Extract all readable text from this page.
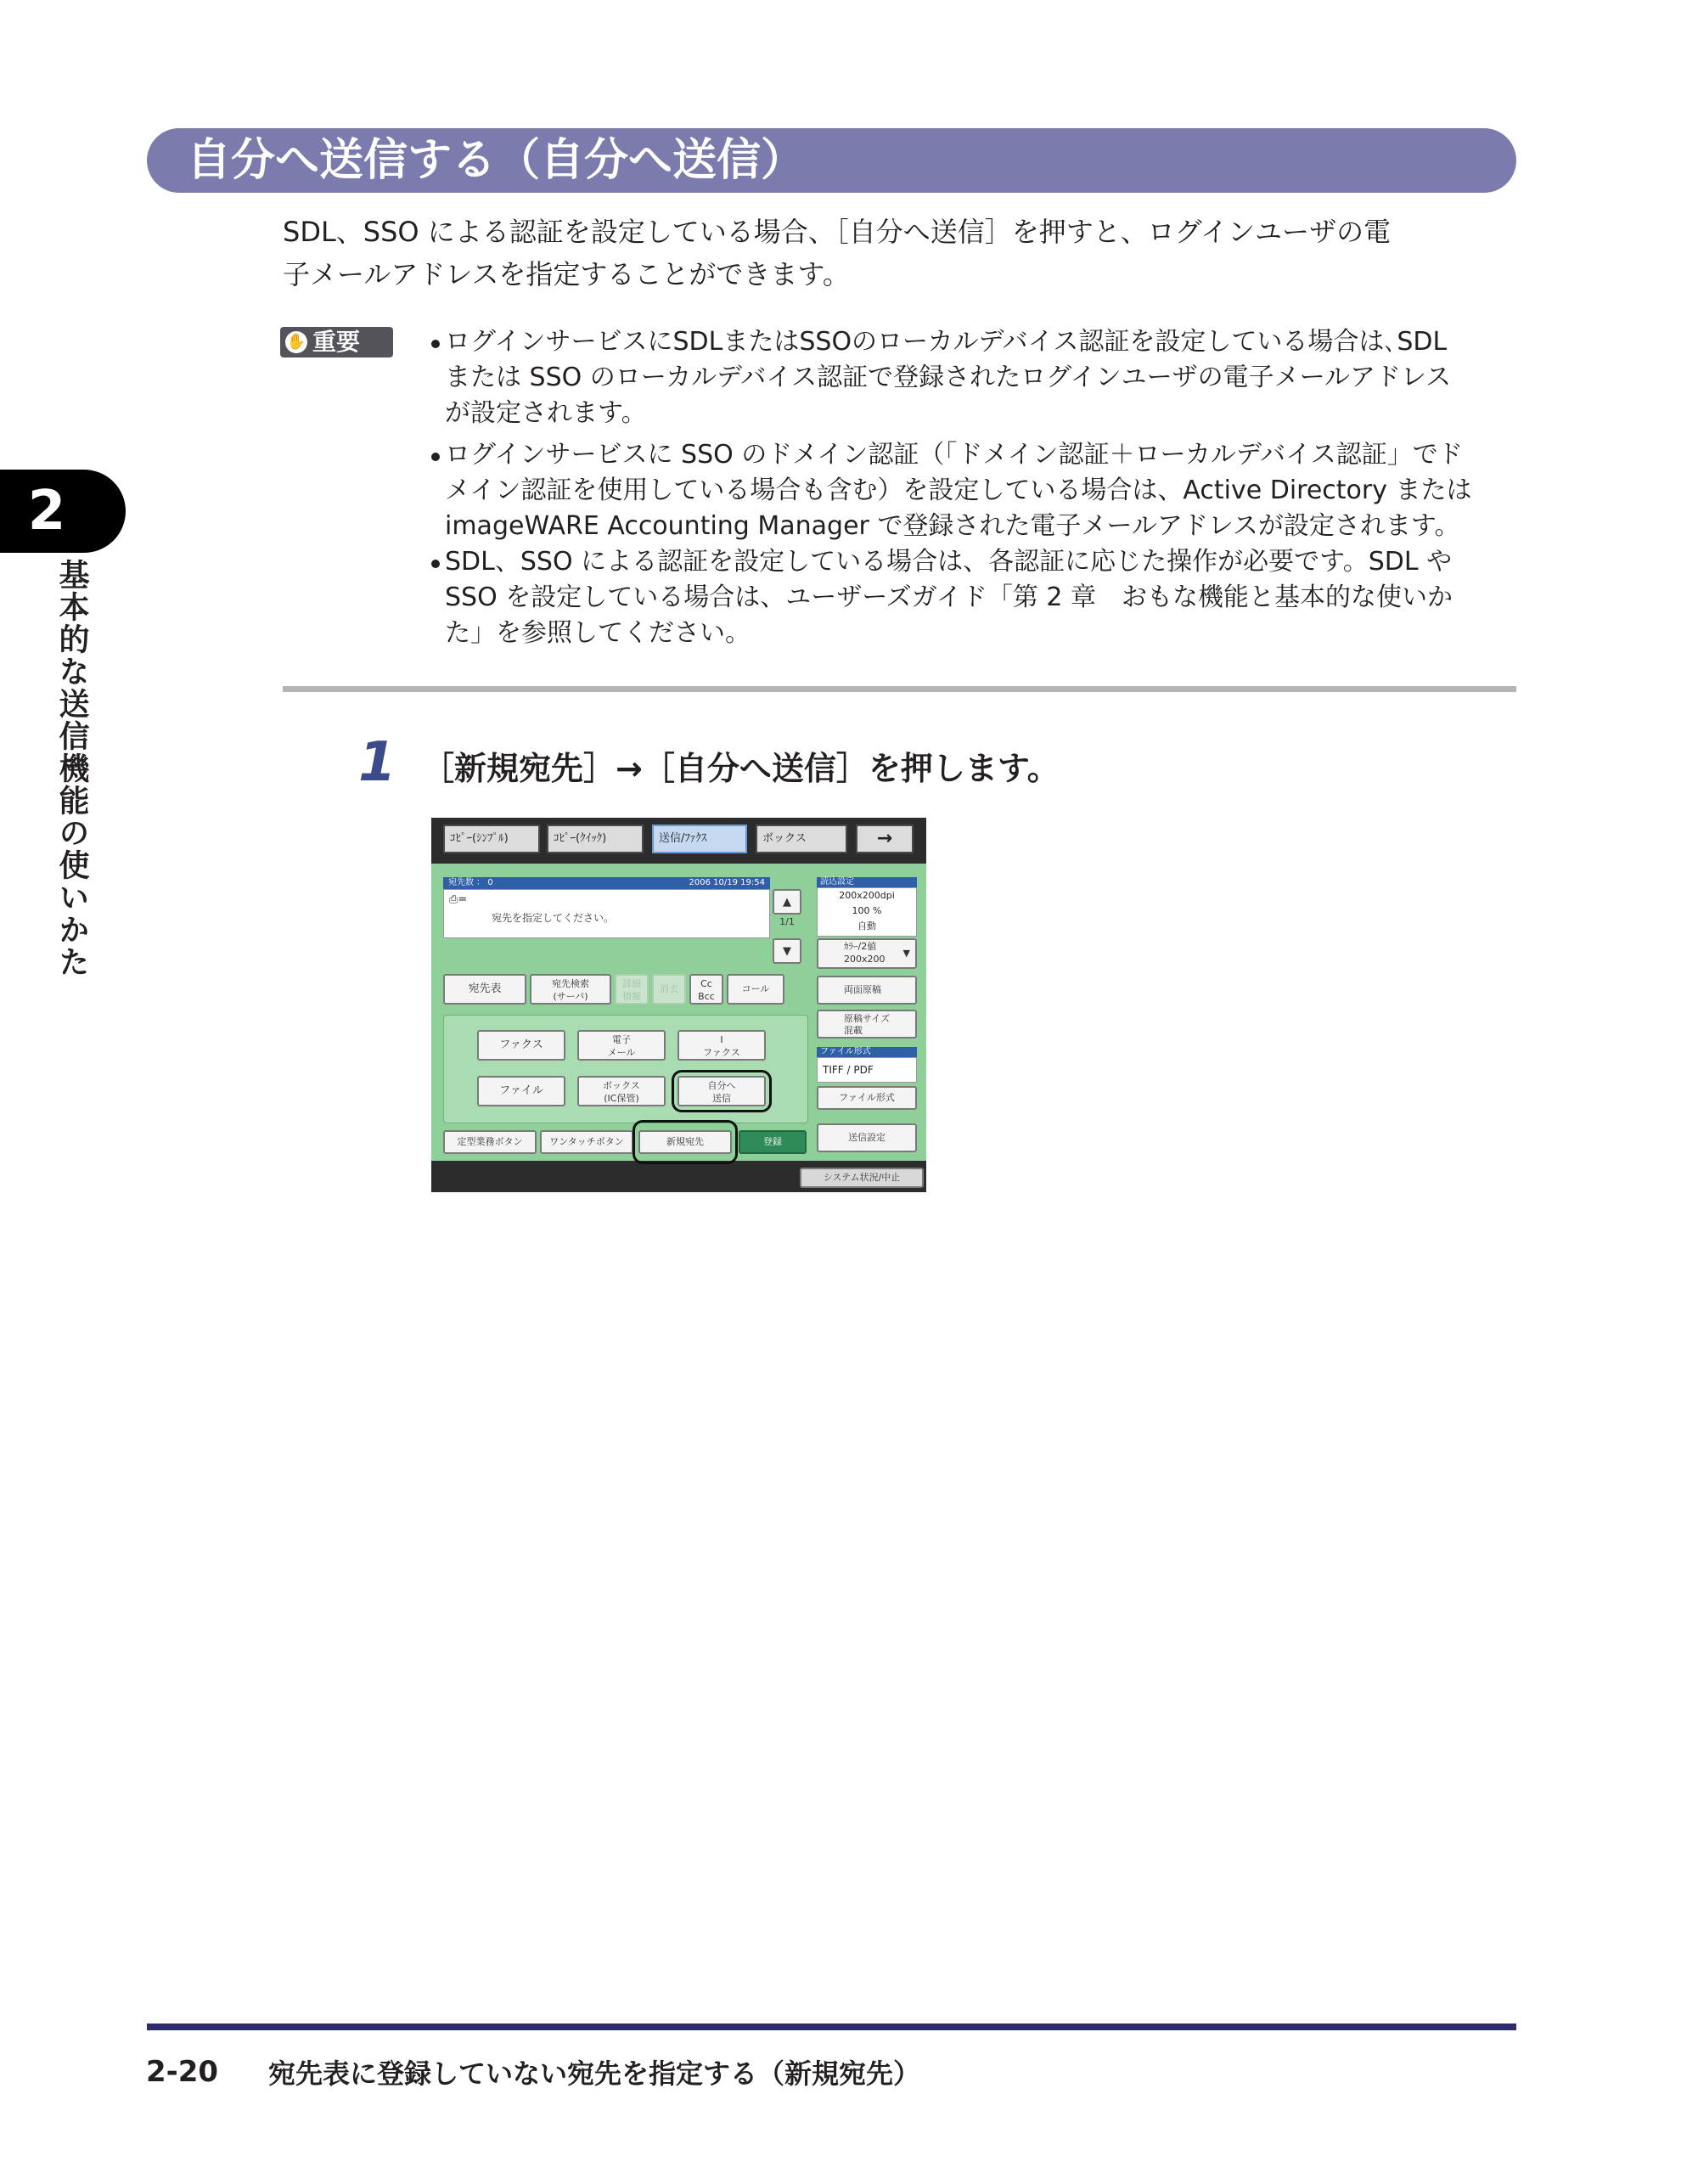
自分へ送信する（自分へ送信）
SDL、SSO による認証を設定している場合、［自分へ送信］を押すと、ログインユーザの電
子メールアドレスを指定することができます。
✋ 重要	ログインサービスにSDLまたはSSOのローカルデバイス認証を設定している場合は､SDL
または SSO のローカルデバイス認証で登録されたログインユーザの電子メールアドレス
が設定されます。
ログインサービスに SSO のドメイン認証（「ドメイン認証＋ローカルデバイス認証」でド
メイン認証を使用している場合も含む）を設定している場合は、Active Directory または
imageWARE Accounting Manager で登録された電子メールアドレスが設定されます。
SDL、SSO による認証を設定している場合は、各認証に応じた操作が必要です。SDL や
SSO を設定している場合は、ユーザーズガイド「第 2 章　おもな機能と基本的な使いか
た」を参照してください。
1 ［新規宛先］→［自分へ送信］を押します。
ｺﾋﾟｰ(ｼﾝﾌﾟﾙ)	ｺﾋﾟｰ(ｸｲｯｸ)	送信/ﾌｧｸｽ	ボックス	→
宛先数 ： 0	2006 10/19 19:54
⎙=
宛先を指定してください。
▲
1/1
▼
読込設定
200x200dpi
100 %
自動
ｶﾗｰ/2値
200x200
▼
宛先表	宛先検索
(サーバ)
詳細
情報
消去	Cc
Bcc
コール	両面原稿
原稿サイズ
混載
ファクス	電子
メール
I
ファクス
ファイル	ボックス
(IC保管)
自分へ
送信
ファイル形式
TIFF / PDF
ファイル形式
送信設定
定型業務ボタン	ワンタッチボタン	新規宛先	登録
システム状況/中止
2
基本的な送信機能の使いかた
2-20 宛先表に登録していない宛先を指定する（新規宛先）
